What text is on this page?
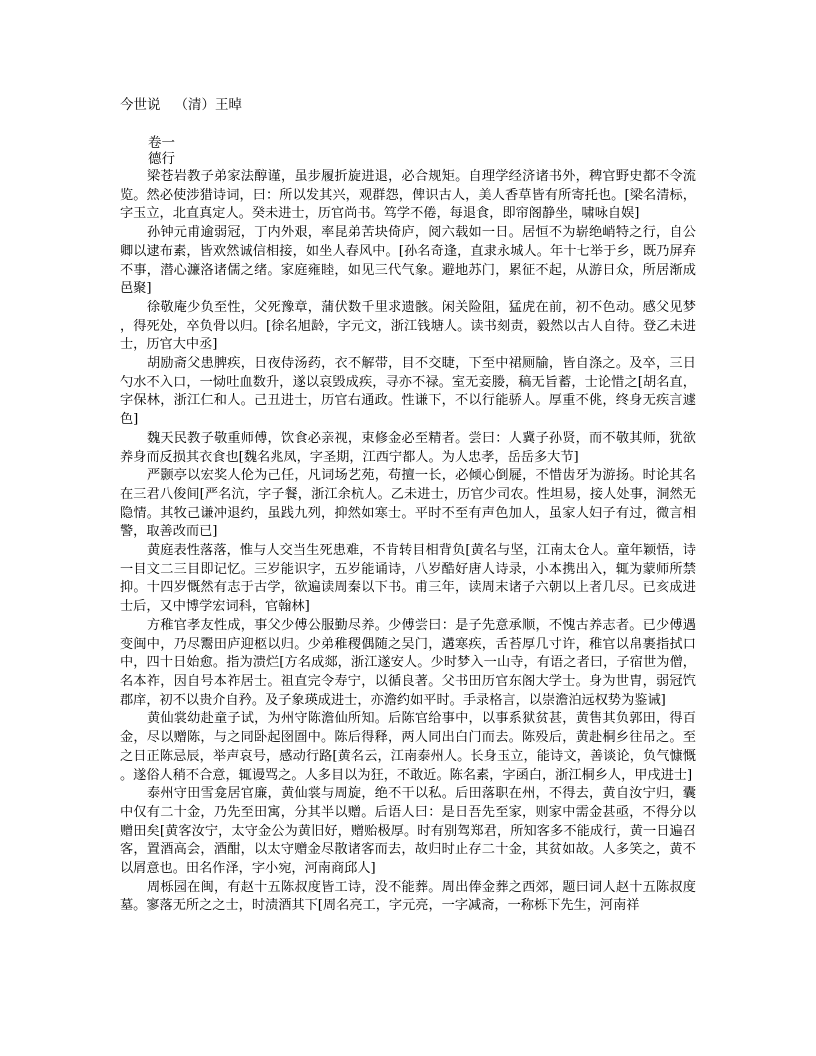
今世说 （清）王晫
卷一
德行

梁苍岩教子弟家法醇谨，虽步履折旋进退，必合规矩。自理学经济诸书外，稗官野史都不令流览。然必使涉猎诗词，曰：所以发其兴，观群怨，俾识古人，美人香草皆有所寄托也。[梁名清标，字玉立，北直真定人。癸未进士，历官尚书。笃学不倦，每退食，即帘阁静坐，啸咏自娱]

孙钟元甫逾弱冠，丁内外艰，率昆弟苦块倚庐，阅六载如一日。居恒不为崭绝峭特之行，自公卿以逮布素，皆欢然诚信相接，如坐人春风中。[孙名奇逢，直隶永城人。年十七举于乡，既乃屏弃不事，潜心濂洛诸儒之绪。家庭雍睦，如见三代气象。避地苏门，累征不起，从游日众，所居渐成邑聚]

徐敬庵少负至性，父死豫章，蒲伏数千里求遗骸。闲关险阻，猛虎在前，初不色动。感父见梦，得死处，卒负骨以归。[徐名旭龄，字元文，浙江钱塘人。读书刻责，毅然以古人自待。登乙未进士，历官大中丞]

胡励斋父患脾疾，日夜侍汤药，衣不解带，目不交睫，下至中裙厕牏，皆自涤之。及卒，三日勺水不入口，一恸吐血数升，遂以哀毁成疾，寻亦不禄。室无妾媵，稿无旨蓄，士论惜之[胡名直，字保林，浙江仁和人。己丑进士，历官右通政。性谦下，不以行能骄人。厚重不佻，终身无疾言遽色]

魏天民教子敬重师傅，饮食必亲视，束修金必至精者。尝曰：人冀子孙贤，而不敬其师，犹欲养身而反损其衣食也[魏名兆凤，字圣期，江西宁都人。为人忠孝，岳岳多大节]

严颢亭以宏奖人伦为己任，凡词场艺苑，苟擅一长，必倾心倒屣，不惜齿牙为游扬。时论其名在三君八俊间[严名沆，字子餐，浙江余杭人。乙未进士，历官少司农。性坦易，接人处事，洞然无隐情。其牧己谦冲退约，虽践九列，抑然如寒士。平时不至有声色加人，虽家人妇子有过，微言相警，取善改而已]

黄庭表性落落，惟与人交当生死患难，不肯转目相背负[黄名与坚，江南太仓人。童年颖悟，诗一目文二三目即记忆。三岁能识字，五岁能诵诗，八岁酷好唐人诗录，小本携出入，辄为蒙师所禁抑。十四岁慨然有志于古学，欲遍读周秦以下书。甫三年，读周末诸子六朝以上者几尽。已亥成进士后，又中博学宏词科，官翰林]

方稚官孝友性成，事父少傅公服勤尽养。少傅尝曰：是子先意承顺，不愧古养志者。已少傅遇变闽中，乃尽鬻田庐迎柩以归。少弟稚稷偶随之吴门，遘寒疾，舌苔厚几寸许，稚官以帛裹指拭口中，四十日始愈。指为溃烂[方名成郯，浙江遂安人。少时梦入一山寺，有语之者曰，子宿世为僧，名本祚，因自号本祚居士。祖直完令寿宁，以循良著。父书田历官东阁大学士。身为世胄，弱冠饩郡庠，初不以贵介自矜。及子象瑛成进士，亦澹约如平时。手录格言，以崇澹泊远权势为鉴诫]

黄仙裳幼赴童子试，为州守陈澹仙所知。后陈官给事中，以事系狱贫甚，黄售其负郭田，得百金，尽以赠陈，与之同卧起囹圄中。陈后得释，两人同出白门而去。陈殁后，黄赴桐乡往吊之。至之日正陈忌辰，举声哀号，感动行路[黄名云，江南泰州人。长身玉立，能诗文，善谈论，负气慷慨。遂俗人稍不合意，辄谩骂之。人多目以为狂，不敢近。陈名素，字函白，浙江桐乡人，甲戌进士]

泰州守田雪龛居官廉，黄仙裳与周旋，绝不干以私。后田落职在州，不得去，黄自汝宁归，囊中仅有二十金，乃先至田寓，分其半以赠。后语人曰：是日吾先至家，则家中需金甚亟，不得分以赠田矣[黄客汝宁，太守金公为黄旧好，赠贻极厚。时有别驾郑君，所知客多不能成行，黄一日遍召客，置酒高会，酒酣，以太守赠金尽散诸客而去，故归时止存二十金，其贫如故。人多笑之，黄不以屑意也。田名作泽，字小宛，河南商邱人]

周栎园在闽，有赵十五陈叔度皆工诗，没不能葬。周出俸金葬之西郊，题曰词人赵十五陈叔度墓。寥落无所之之士，时渍酒其下[周名亮工，字元亮，一字减斋，一称栎下先生，河南祥
